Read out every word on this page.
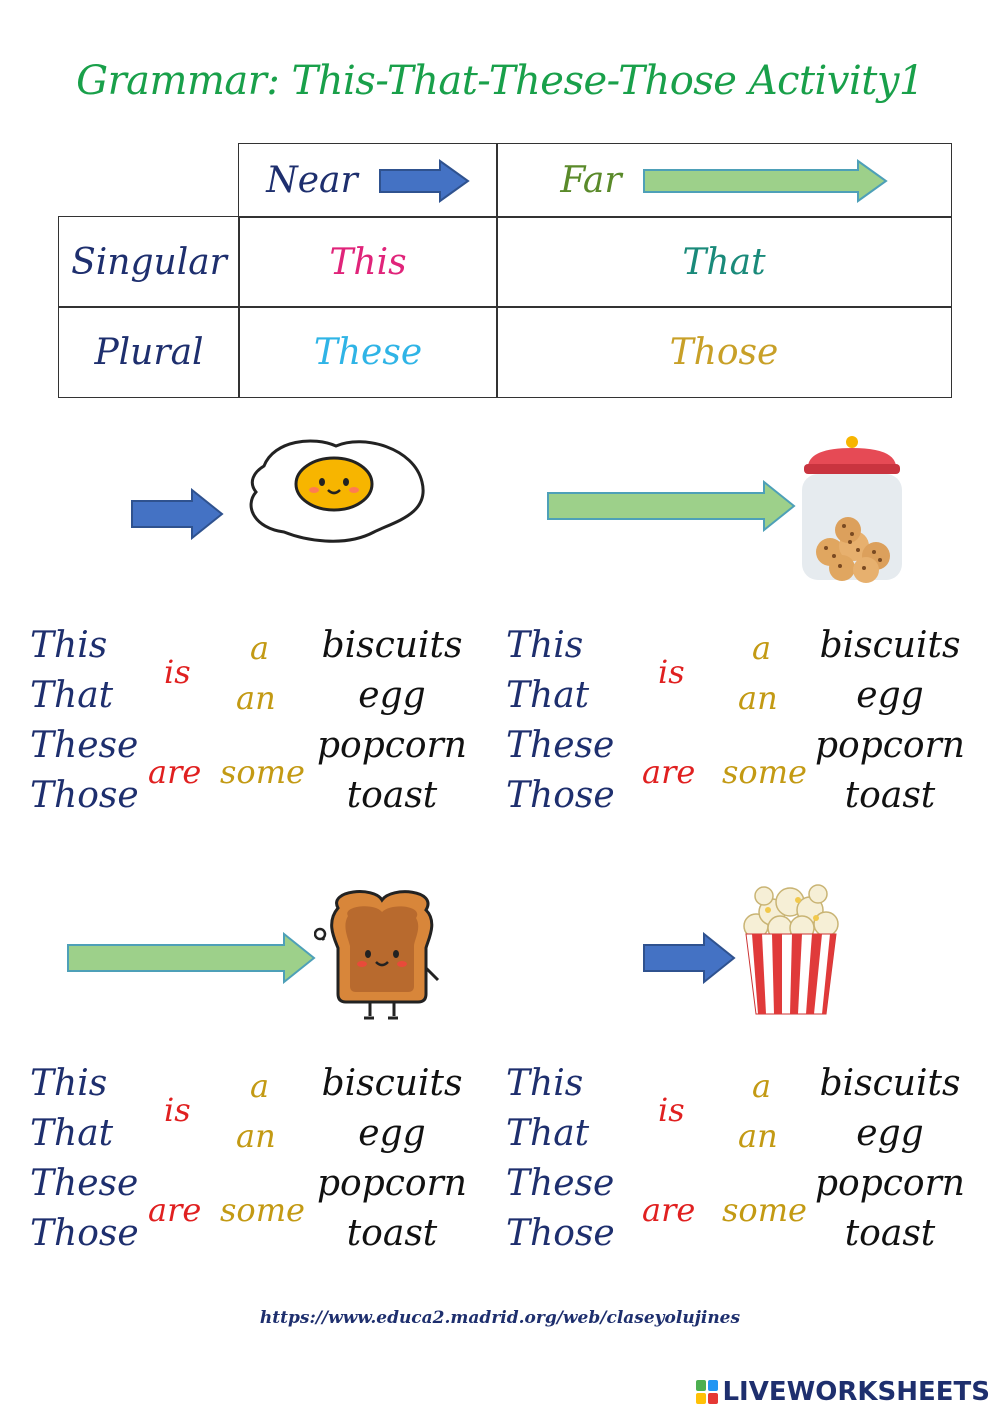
Grammar: This-That-These-Those Activity1
Near	Far
Singular	This	That
Plural	These	Those
This
That
These
Those
is
are
a
an
some
biscuits
egg
popcorn
toast
This
That
These
Those
is
are
a
an
some
biscuits
egg
popcorn
toast
This
That
These
Those
is
are
a
an
some
biscuits
egg
popcorn
toast
This
That
These
Those
is
are
a
an
some
biscuits
egg
popcorn
toast
https://www.educa2.madrid.org/web/claseyolujines
LIVEWORKSHEETS
